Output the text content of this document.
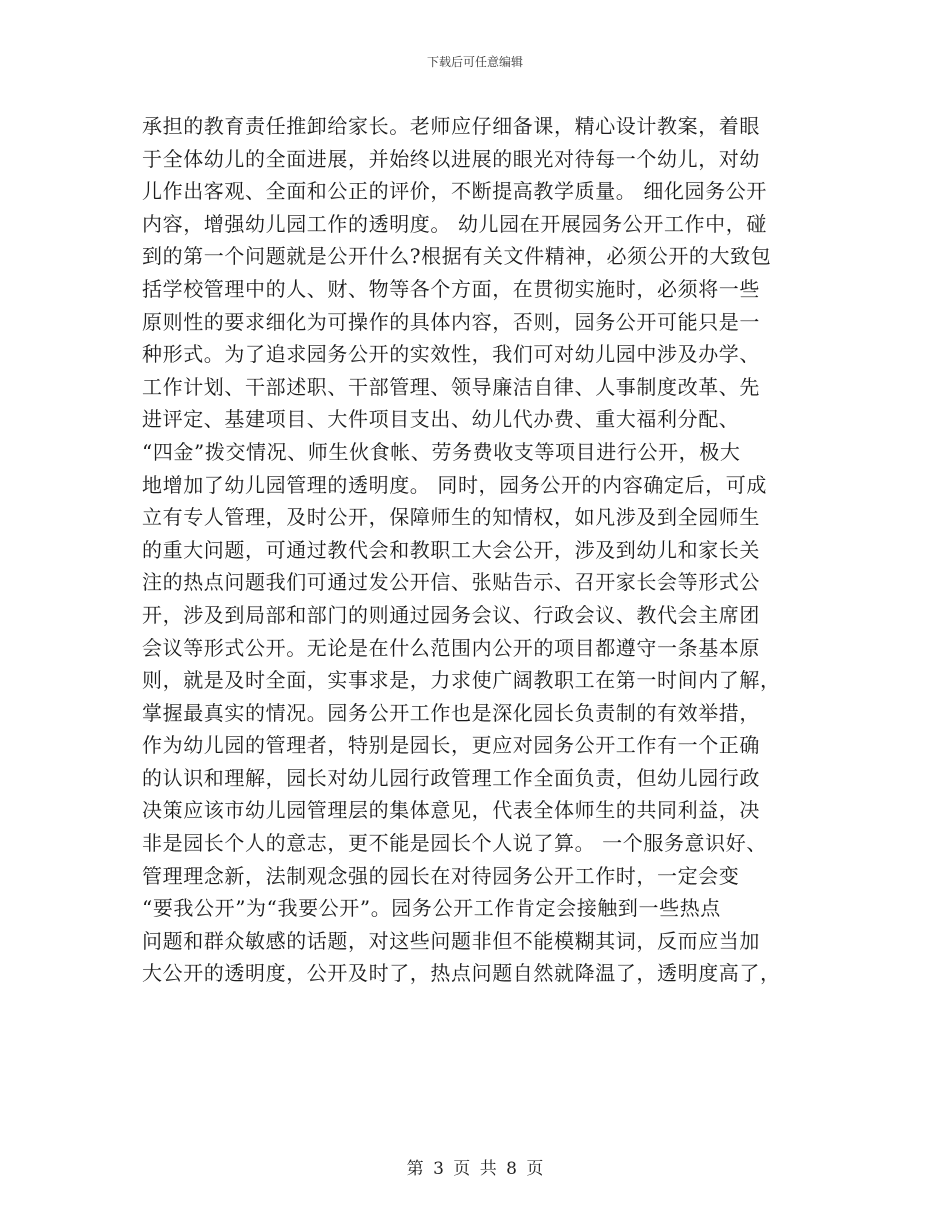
下载后可任意编辑
承担的教育责任推卸给家长。老师应仔细备课，精心设计教案，着眼
于全体幼儿的全面进展，并始终以进展的眼光对待每一个幼儿，对幼
儿作出客观、全面和公正的评价，不断提高教学质量。 细化园务公开
内容，增强幼儿园工作的透明度。 幼儿园在开展园务公开工作中，碰
到的第一个问题就是公开什么?根据有关文件精神，必须公开的大致包
括学校管理中的人、财、物等各个方面，在贯彻实施时，必须将一些
原则性的要求细化为可操作的具体内容，否则，园务公开可能只是一
种形式。为了追求园务公开的实效性，我们可对幼儿园中涉及办学、
工作计划、干部述职、干部管理、领导廉洁自律、人事制度改革、先
进评定、基建项目、大件项目支出、幼儿代办费、重大福利分配、
“四金”拨交情况、师生伙食帐、劳务费收支等项目进行公开，极大
地增加了幼儿园管理的透明度。 同时，园务公开的内容确定后，可成
立有专人管理，及时公开，保障师生的知情权，如凡涉及到全园师生
的重大问题，可通过教代会和教职工大会公开，涉及到幼儿和家长关
注的热点问题我们可通过发公开信、张贴告示、召开家长会等形式公
开，涉及到局部和部门的则通过园务会议、行政会议、教代会主席团
会议等形式公开。无论是在什么范围内公开的项目都遵守一条基本原
则，就是及时全面，实事求是，力求使广阔教职工在第一时间内了解，
掌握最真实的情况。园务公开工作也是深化园长负责制的有效举措，
作为幼儿园的管理者，特别是园长，更应对园务公开工作有一个正确
的认识和理解，园长对幼儿园行政管理工作全面负责，但幼儿园行政
决策应该市幼儿园管理层的集体意见，代表全体师生的共同利益，决
非是园长个人的意志，更不能是园长个人说了算。 一个服务意识好、
管理理念新，法制观念强的园长在对待园务公开工作时，一定会变
“要我公开”为“我要公开”。园务公开工作肯定会接触到一些热点
问题和群众敏感的话题，对这些问题非但不能模糊其词，反而应当加
大公开的透明度，公开及时了，热点问题自然就降温了，透明度高了，
第 3 页 共 8 页
